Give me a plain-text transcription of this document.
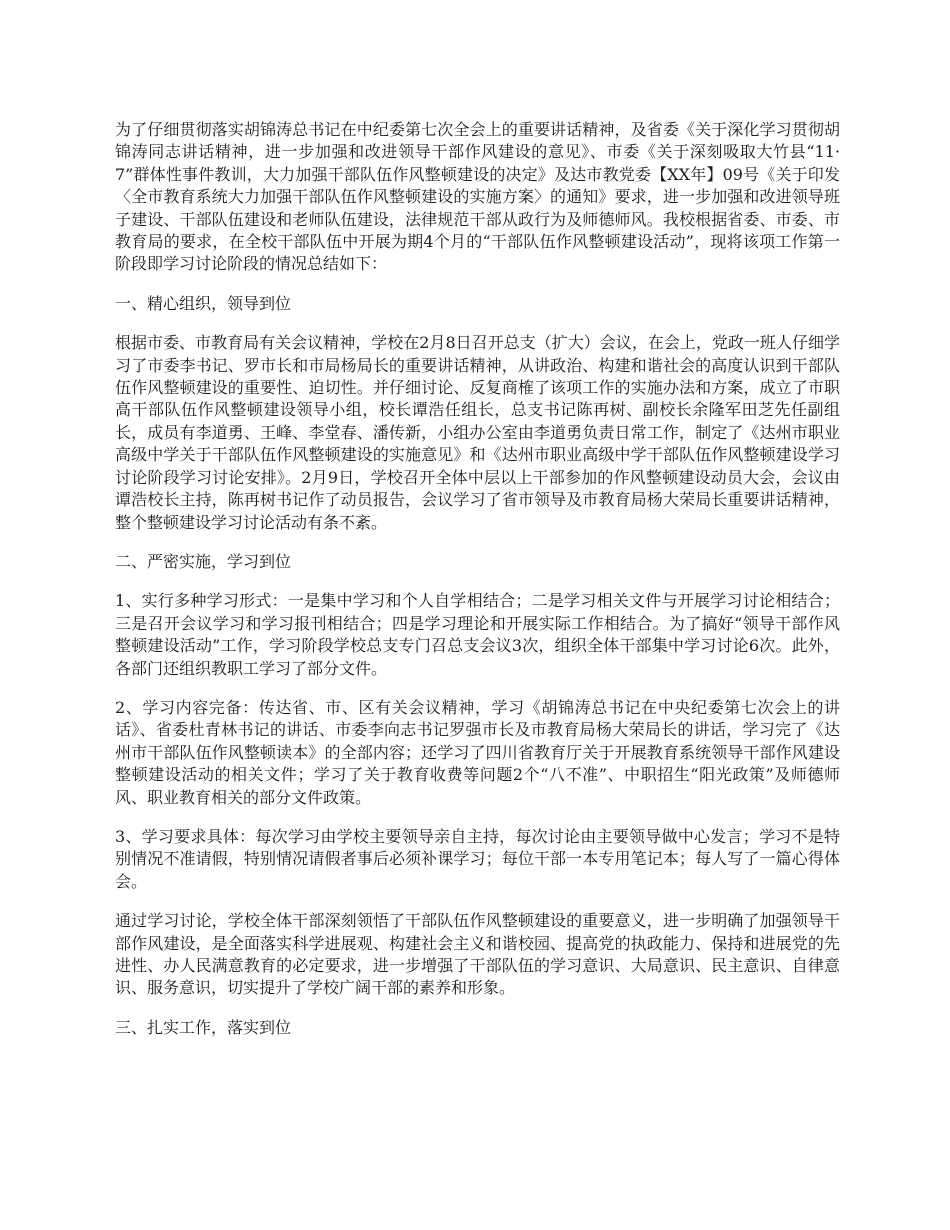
为了仔细贯彻落实胡锦涛总书记在中纪委第七次全会上的重要讲话精神，及省委《关于深化学习贯彻胡锦涛同志讲话精神，进一步加强和改进领导干部作风建设的意见》、市委《关于深刻吸取大竹县“11·7”群体性事件教训，大力加强干部队伍作风整顿建设的决定》及达市教党委【XX年】09号《关于印发〈全市教育系统大力加强干部队伍作风整顿建设的实施方案〉的通知》要求，进一步加强和改进领导班子建设、干部队伍建设和老师队伍建设，法律规范干部从政行为及师德师风。我校根据省委、市委、市教育局的要求，在全校干部队伍中开展为期4个月的“干部队伍作风整顿建设活动”，现将该项工作第一阶段即学习讨论阶段的情况总结如下：

一、精心组织，领导到位

根据市委、市教育局有关会议精神，学校在2月8日召开总支（扩大）会议，在会上，党政一班人仔细学习了市委李书记、罗市长和市局杨局长的重要讲话精神，从讲政治、构建和谐社会的高度认识到干部队伍作风整顿建设的重要性、迫切性。并仔细讨论、反复商榷了该项工作的实施办法和方案，成立了市职高干部队伍作风整顿建设领导小组，校长谭浩任组长，总支书记陈再树、副校长余隆军田芝先任副组长，成员有李道勇、王峰、李堂春、潘传新，小组办公室由李道勇负责日常工作，制定了《达州市职业高级中学关于干部队伍作风整顿建设的实施意见》和《达州市职业高级中学干部队伍作风整顿建设学习讨论阶段学习讨论安排》。2月9日，学校召开全体中层以上干部参加的作风整顿建设动员大会，会议由谭浩校长主持，陈再树书记作了动员报告，会议学习了省市领导及市教育局杨大荣局长重要讲话精神，整个整顿建设学习讨论活动有条不紊。

二、严密实施，学习到位

1、实行多种学习形式：一是集中学习和个人自学相结合；二是学习相关文件与开展学习讨论相结合；三是召开会议学习和学习报刊相结合；四是学习理论和开展实际工作相结合。为了搞好“领导干部作风整顿建设活动”工作，学习阶段学校总支专门召总支会议3次，组织全体干部集中学习讨论6次。此外，各部门还组织教职工学习了部分文件。

2、学习内容完备：传达省、市、区有关会议精神，学习《胡锦涛总书记在中央纪委第七次会上的讲话》、省委杜青林书记的讲话、市委李向志书记罗强市长及市教育局杨大荣局长的讲话，学习完了《达州市干部队伍作风整顿读本》的全部内容；还学习了四川省教育厅关于开展教育系统领导干部作风建设整顿建设活动的相关文件；学习了关于教育收费等问题2个“八不准”、中职招生“阳光政策”及师德师风、职业教育相关的部分文件政策。

3、学习要求具体：每次学习由学校主要领导亲自主持，每次讨论由主要领导做中心发言；学习不是特别情况不准请假，特别情况请假者事后必须补课学习；每位干部一本专用笔记本；每人写了一篇心得体会。

通过学习讨论，学校全体干部深刻领悟了干部队伍作风整顿建设的重要意义，进一步明确了加强领导干部作风建设，是全面落实科学进展观、构建社会主义和谐校园、提高党的执政能力、保持和进展党的先进性、办人民满意教育的必定要求，进一步增强了干部队伍的学习意识、大局意识、民主意识、自律意识、服务意识，切实提升了学校广阔干部的素养和形象。

三、扎实工作，落实到位
